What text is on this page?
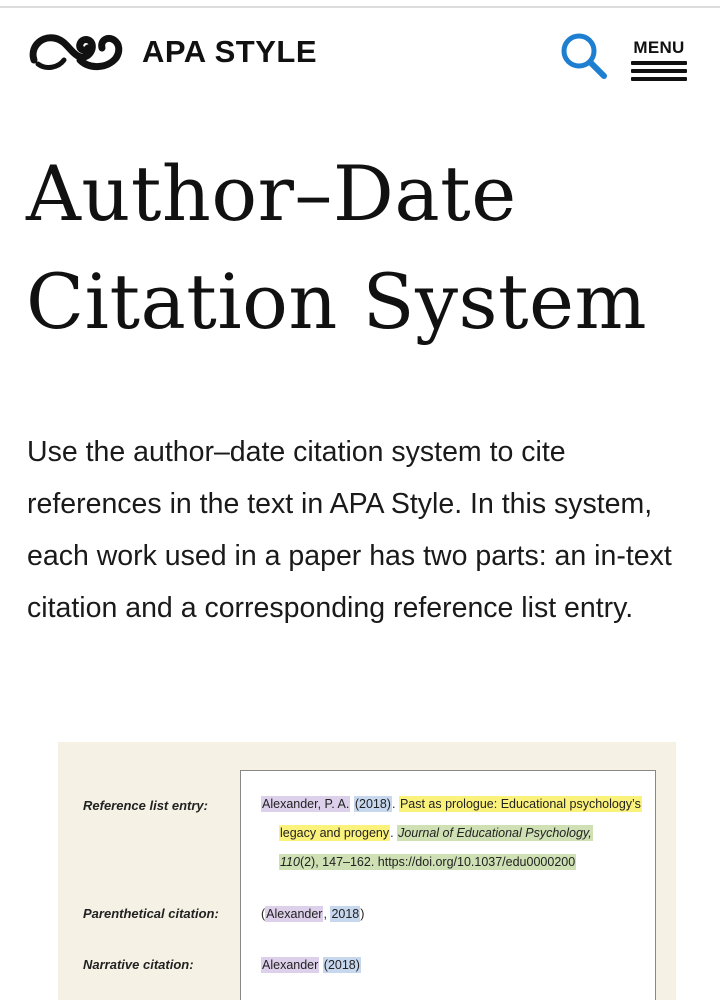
APA STYLE	MENU
Author–Date
Citation System

Use the author–date citation system to cite references in the text in APA Style. In this system, each work used in a paper has two parts: an in-text citation and a corresponding reference list entry.

Reference list entry:
Parenthetical citation:
Narrative citation:
Alexander, P. A. (2018). Past as prologue: Educational psychology’s
legacy and progeny. Journal of Educational Psychology,
110(2), 147–162. https://doi.org/10.1037/edu0000200
(Alexander, 2018)
Alexander (2018)
